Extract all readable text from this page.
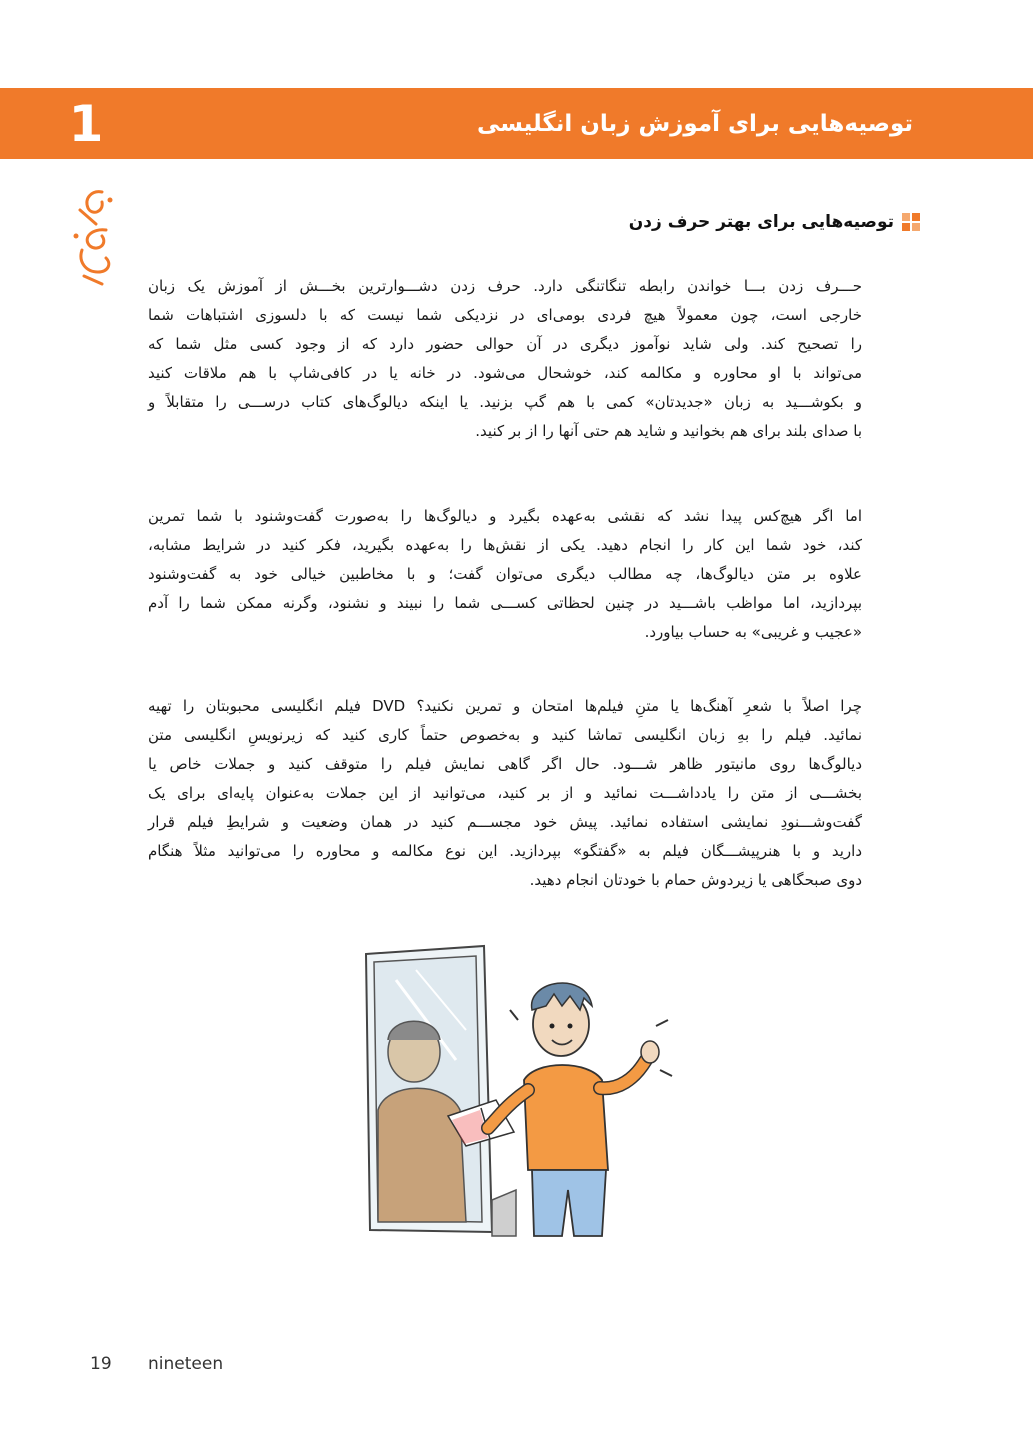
1	توصیه‌هایی برای آموزش زبان انگلیسی
توصیه‌هایی برای بهتر حرف زدن

حـــرف زدن بـــا خواندن رابطه تنگاتنگی دارد. حرف زدن دشـــوارترین بخـــش از آموزش یک زبان
خارجی است، چون معمولاً هیچ فردی بومی‌ای در نزدیکی شما نیست که با دلسوزی اشتباهات شما
را تصحیح کند. ولی شاید نوآموز دیگری در آن حوالی حضور دارد که از وجود کسی مثل شما که
می‌تواند با او محاوره و مکالمه کند، خوشحال می‌شود. در خانه یا در کافی‌شاپ با هم ملاقات کنید
و بکوشـــید به زبان «جدیدتان» کمی با هم گپ بزنید. یا اینکه دیالوگ‌های کتاب درســـی را متقابلاً و
با صدای بلند برای هم بخوانید و شاید هم حتی آنها را از بر کنید.

اما اگر هیچ‌کس پیدا نشد که نقشی به‌عهده بگیرد و دیالوگ‌ها را به‌صورت گفت‌وشنود با شما تمرین
کند، خود شما این کار را انجام دهید. یکی از نقش‌ها را به‌عهده بگیرید، فکر کنید در شرایط مشابه،
علاوه بر متن دیالوگ‌ها، چه مطالب دیگری می‌توان گفت؛ و با مخاطبین خیالی خود به گفت‌وشنود
بپردازید، اما مواظب باشـــید در چنین لحظاتی کســـی شما را نبیند و نشنود، وگرنه ممکن شما را آدم
«عجیب و غریبی» به حساب بیاورد.

چرا اصلاً با شعرِ آهنگ‌ها یا متنِ فیلم‌ها امتحان و تمرین نکنید؟ DVD فیلم انگلیسی محبوبتان را تهیه
نمائید. فیلم را بهِ زبان انگلیسی تماشا کنید و به‌خصوص حتماً کاری کنید که زیرنویسِ انگلیسی متن
دیالوگ‌ها روی مانیتور ظاهر شـــود. حال اگر گاهی نمایش فیلم را متوقف کنید و جملات خاص یا
بخشـــی از متن را یادداشـــت نمائید و از بر کنید، می‌توانید از این جملات به‌عنوان پایه‌ای برای یک
گفت‌وشـــنودِ نمایشی استفاده نمائید. پیش خود مجســـم کنید در همان وضعیت و شرایطِ فیلم قرار
دارید و با هنرپیشـــگان فیلم به «گفتگو» بپردازید. این نوع مکالمه و محاوره را می‌توانید مثلاً هنگام
دوی صبحگاهی یا زیردوش حمام با خودتان انجام دهید.

19 nineteen
